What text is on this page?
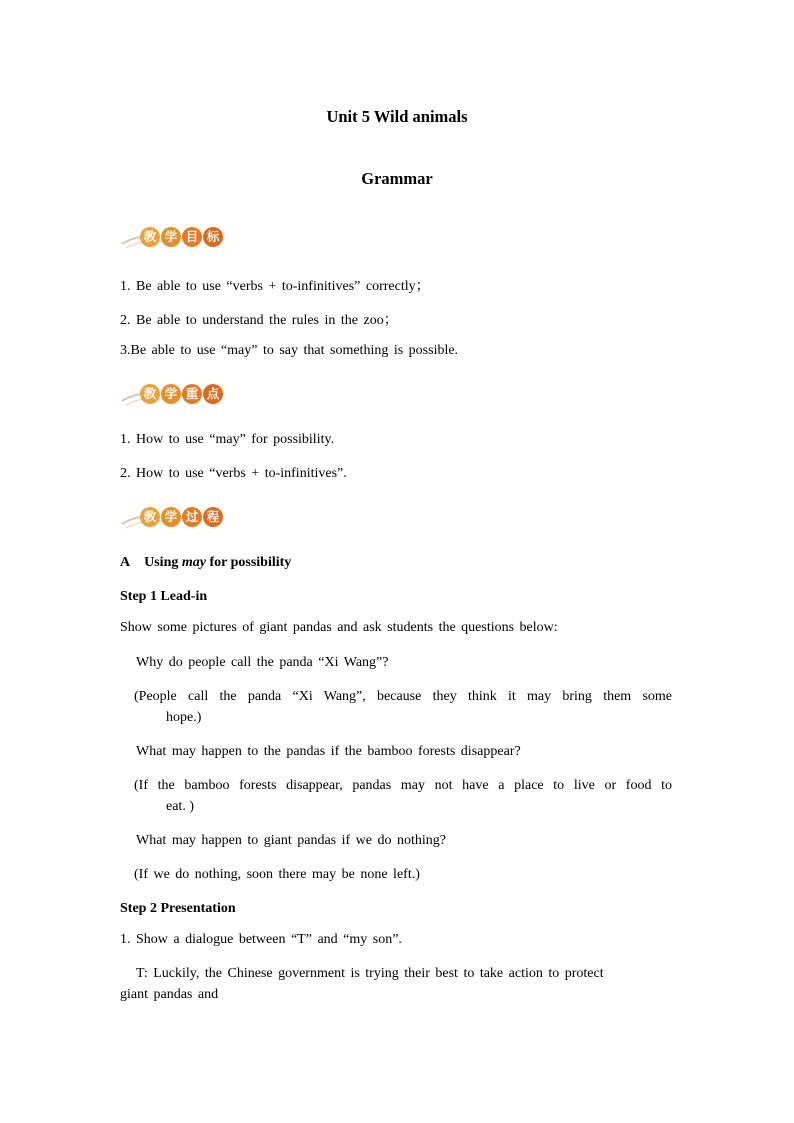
Unit 5 Wild animals
Grammar
教 学 目 标
1. Be able to use “verbs + to-infinitives” correctly；
2. Be able to understand the rules in the zoo；
3.Be able to use “may” to say that something is possible.
教 学 重 点
1. How to use “may” for possibility.
2. How to use “verbs + to-infinitives”.
教 学 过 程
A Using may for possibility
Step 1 Lead-in
Show some pictures of giant pandas and ask students the questions below:
Why do people call the panda “Xi Wang”?
(People call the panda “Xi Wang”, because they think it may bring them some
hope.)
What may happen to the pandas if the bamboo forests disappear?
(If the bamboo forests disappear, pandas may not have a place to live or food to
eat. )
What may happen to giant pandas if we do nothing?
(If we do nothing, soon there may be none left.)
Step 2 Presentation
1. Show a dialogue between “T” and “my son”.
T: Luckily, the Chinese government is trying their best to take action to protect
giant pandas and
